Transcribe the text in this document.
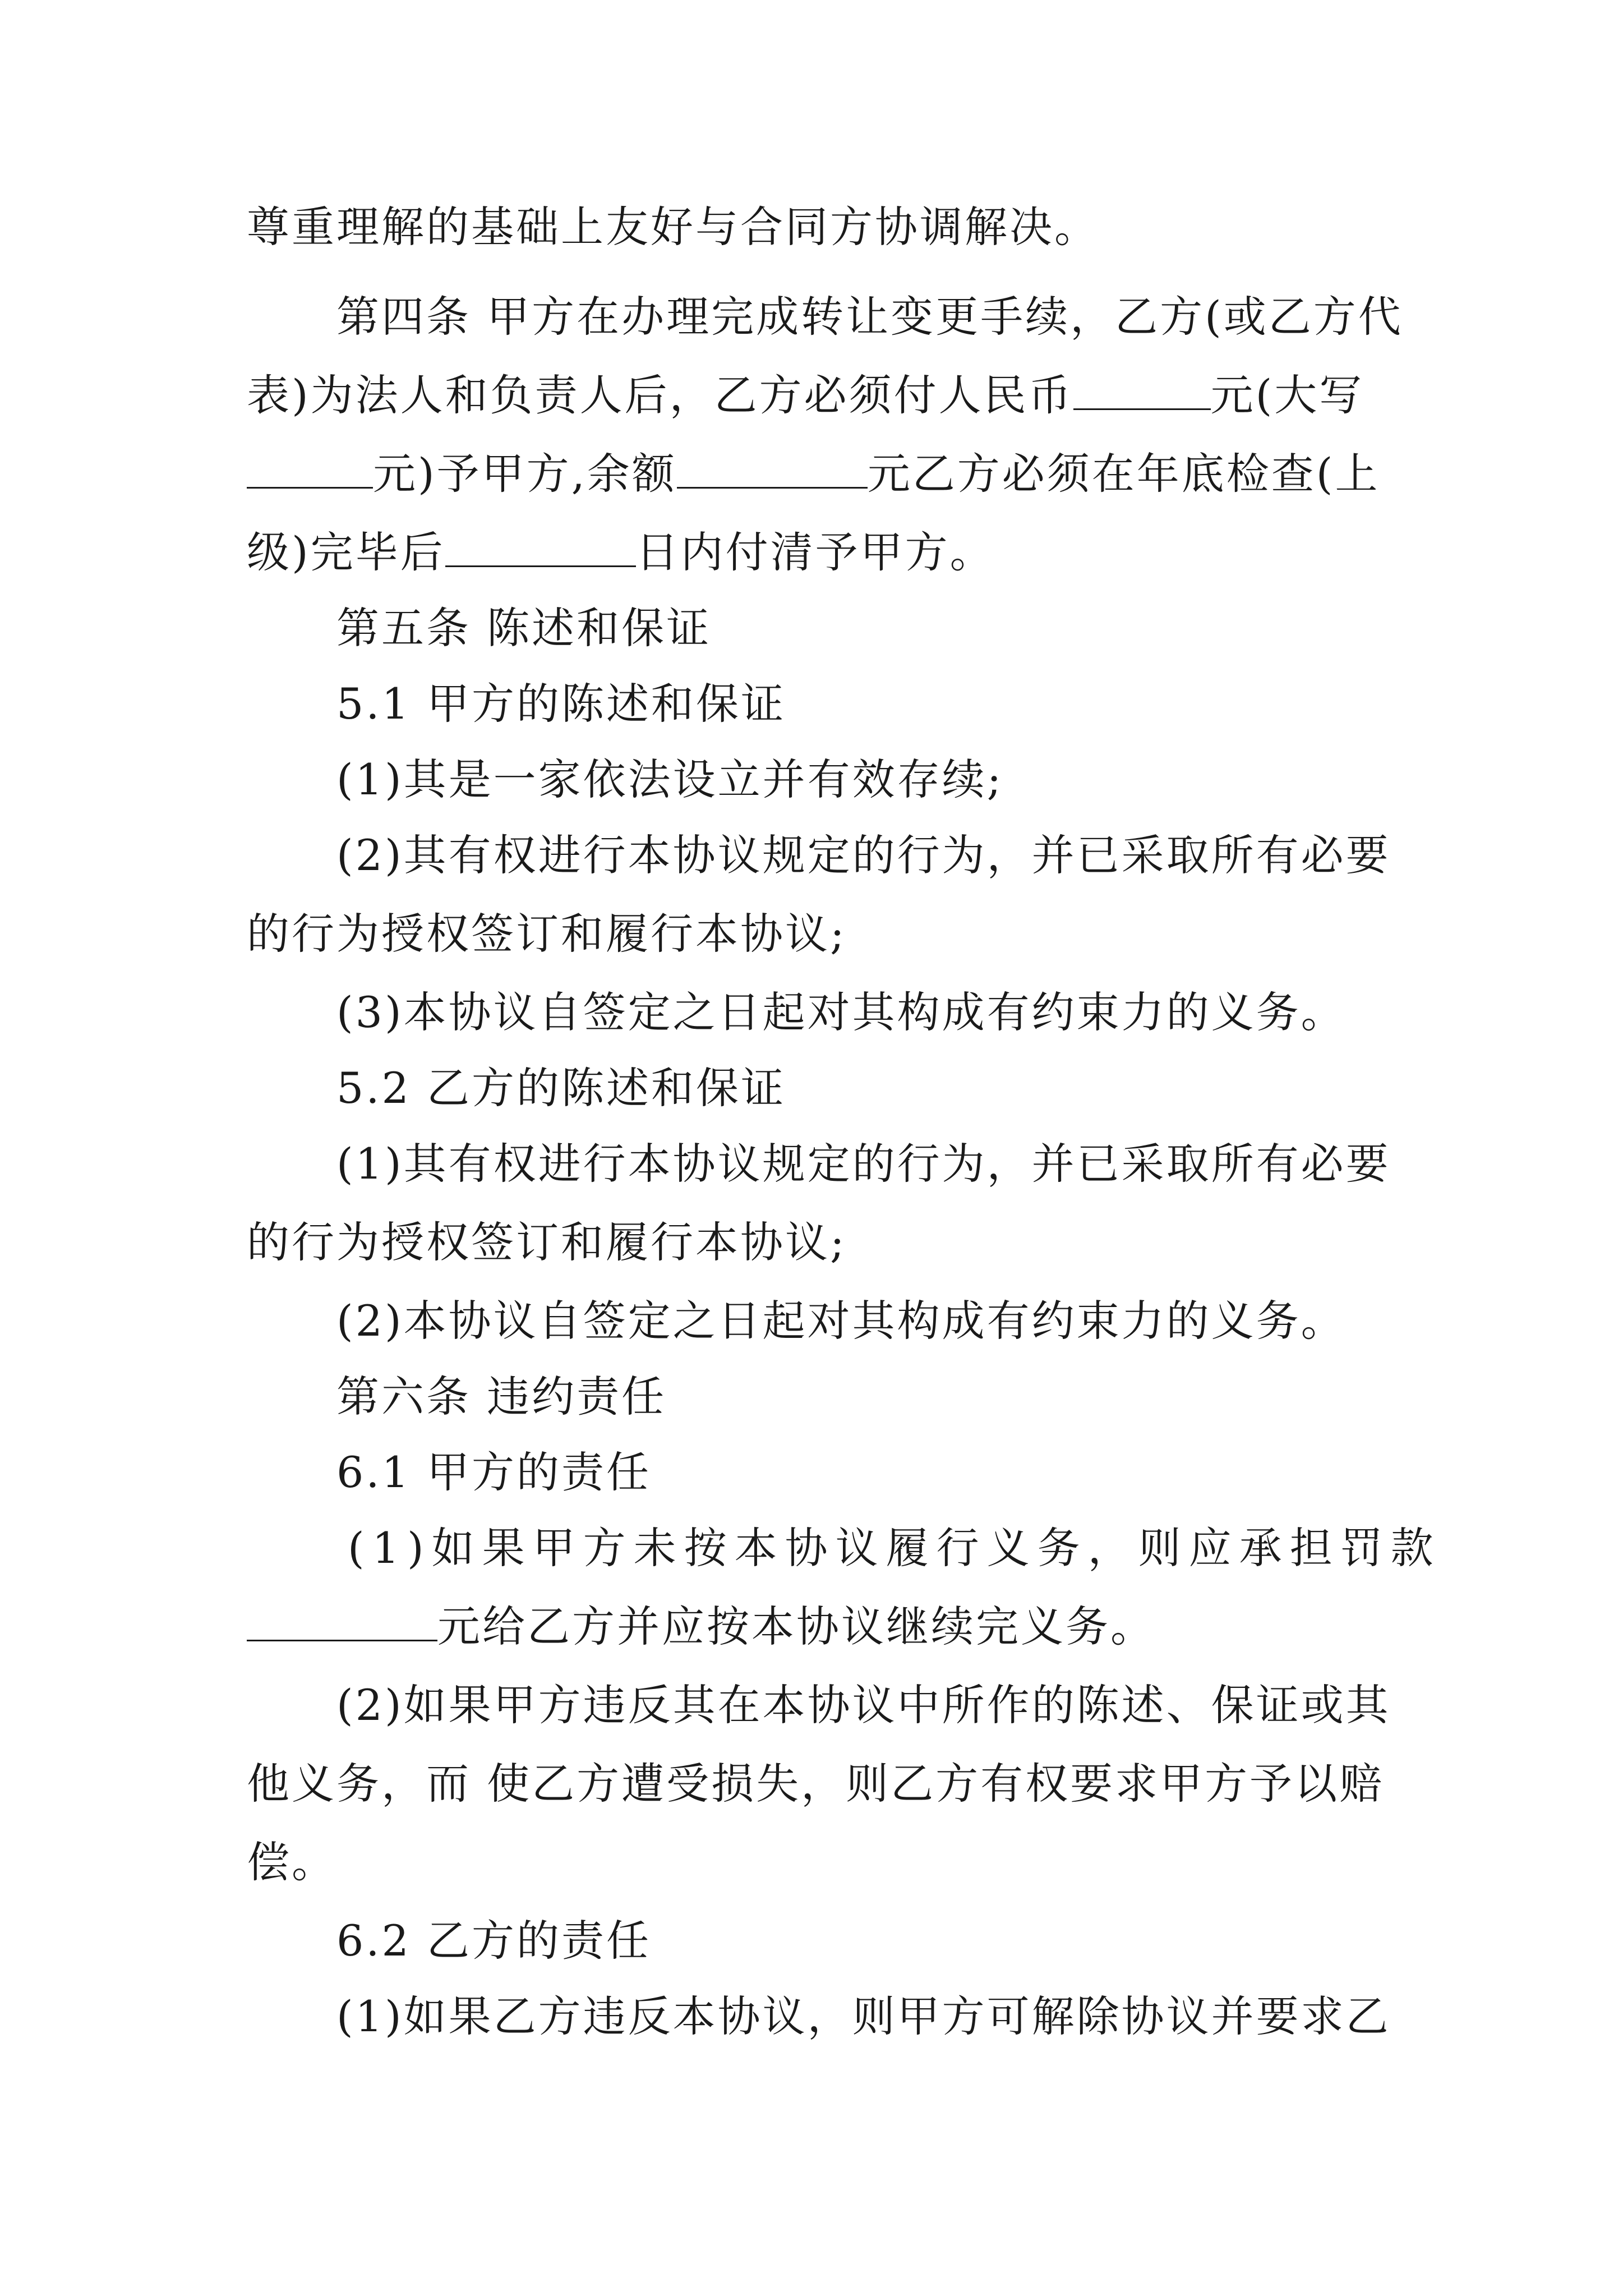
尊重理解的基础上友好与合同方协调解决。
第四条 甲方在办理完成转让变更手续，乙方(或乙方代
表)为法人和负责人后，乙方必须付人民币	元(大写
元)予甲方,余额	元乙方必须在年底检查(上
级)完毕后	日内付清予甲方。
第五条 陈述和保证
5.1 甲方的陈述和保证
(1)其是一家依法设立并有效存续;
(2)其有权进行本协议规定的行为，并已采取所有必要
的行为授权签订和履行本协议;
(3)本协议自签定之日起对其构成有约束力的义务。
5.2 乙方的陈述和保证
(1)其有权进行本协议规定的行为，并已采取所有必要
的行为授权签订和履行本协议;
(2)本协议自签定之日起对其构成有约束力的义务。
第六条 违约责任
6.1 甲方的责任
(1)如果甲方未按本协议履行义务，则应承担罚款
元给乙方并应按本协议继续完义务。
(2)如果甲方违反其在本协议中所作的陈述、保证或其
他义务，而 使乙方遭受损失，则乙方有权要求甲方予以赔
偿。
6.2 乙方的责任
(1)如果乙方违反本协议，则甲方可解除协议并要求乙
